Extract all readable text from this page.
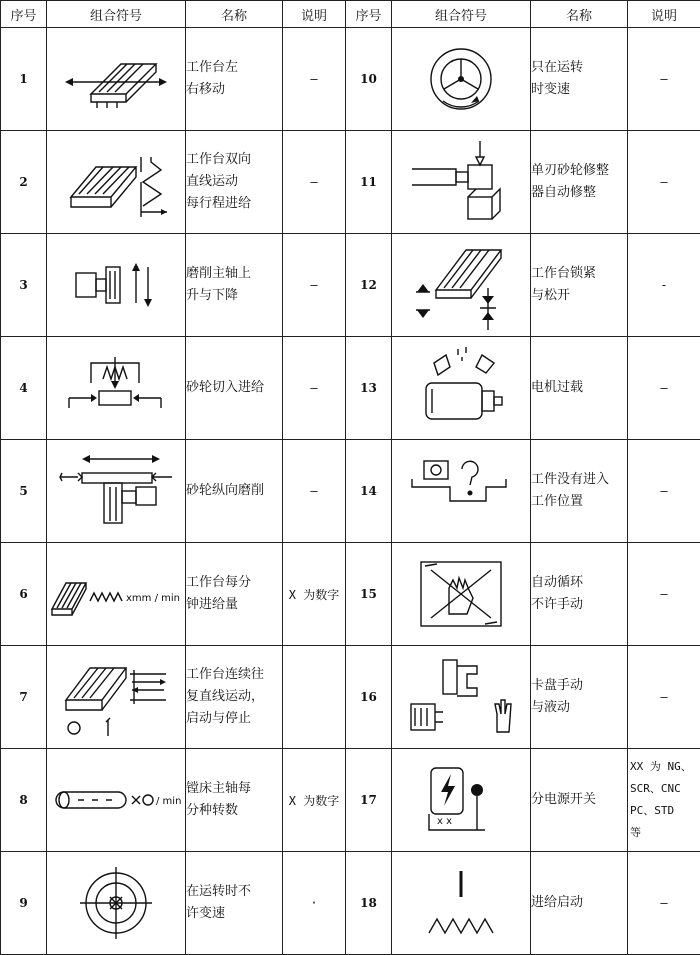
序号	组合符号	名称	说明	序号	组合符号	名称	说明
1		工作台左
右移动	—	10		只在运转
时变速	—
2		工作台双向
直线运动
每行程进给	—	11		单刃砂轮修整
器自动修整	—
3		磨削主轴上
升与下降	—	12		工作台锁紧
与松开	-
4		砂轮切入进给	—	13		电机过载	—
5		砂轮纵向磨削	—	14		工件没有进入
工作位置	—
6	xmm / min	工作台每分
钟进给量	X 为数字	15		自动循环
不许手动	—
7		工作台连续往
复直线运动，
启动与停止		16		卡盘手动
与液动	—
8	/ min	镗床主轴每
分种转数	X 为数字	17	x x	分电源开关	XX 为 NG、
SCR、CNC
PC、STD
等
9		在运转时不
许变速	·	18		进给启动	—
